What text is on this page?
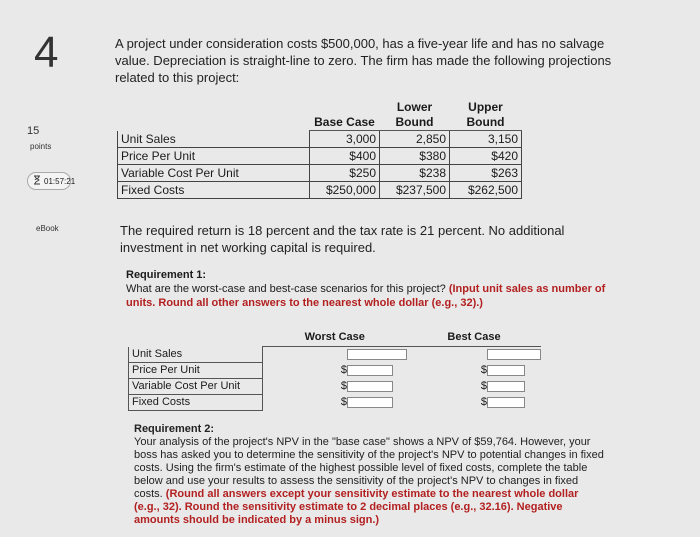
4
15
points
01:57:21
eBook
A project under consideration costs $500,000, has a five-year life and has no salvage value. Depreciation is straight-line to zero. The firm has made the following projections related to this project:
	Base Case	Lower Bound	Upper Bound
Unit Sales	3,000	2,850	3,150
Price Per Unit	$400	$380	$420
Variable Cost Per Unit	$250	$238	$263
Fixed Costs	$250,000	$237,500	$262,500
The required return is 18 percent and the tax rate is 21 percent. No additional investment in net working capital is required.
Requirement 1:
What are the worst-case and best-case scenarios for this project? (Input unit sales as number of units. Round all other answers to the nearest whole dollar (e.g., 32).)
	Worst Case		Best Case	
Unit Sales				
Price Per Unit	$		$	
Variable Cost Per Unit	$		$	
Fixed Costs	$		$	
Requirement 2:
Your analysis of the project's NPV in the "base case" shows a NPV of $59,764. However, your boss has asked you to determine the sensitivity of the project's NPV to potential changes in fixed costs. Using the firm's estimate of the highest possible level of fixed costs, complete the table below and use your results to assess the sensitivity of the project's NPV to changes in fixed costs. (Round all answers except your sensitivity estimate to the nearest whole dollar (e.g., 32). Round the sensitivity estimate to 2 decimal places (e.g., 32.16). Negative amounts should be indicated by a minus sign.)
